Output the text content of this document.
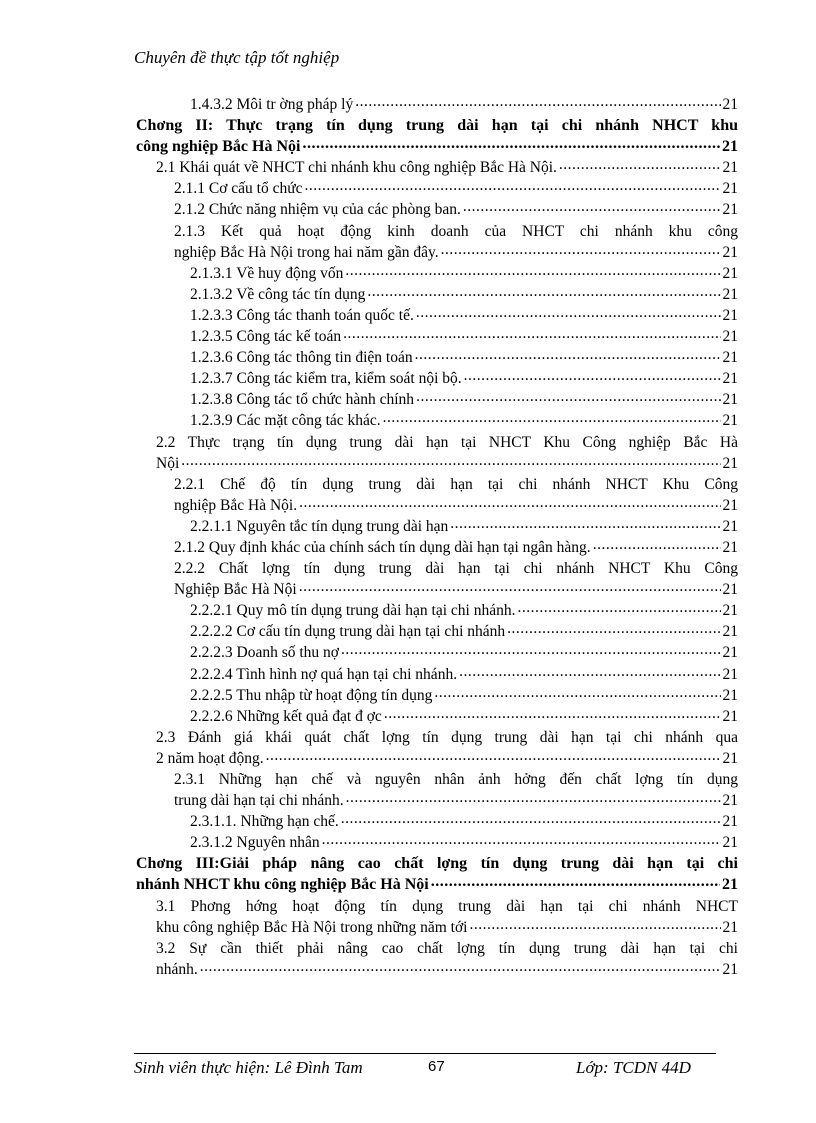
Chuyên đề thực tập tốt nghiệp
1.4.3.2 Môi tr ờng pháp lý .....	21
Chơng II: Thực trạng tín dụng trung dài hạn tại chi nhánh NHCT khu
công nghiệp Bắc Hà Nội .....	21
2.1 Khái quát về NHCT chi nhánh khu công nghiệp Bắc Hà Nội. .....	21
2.1.1 Cơ cấu tổ chức .....	21
2.1.2 Chức năng nhiệm vụ của các phòng ban. .....	21
2.1.3 Kết quả hoạt động kinh doanh của NHCT chi nhánh khu công
nghiệp Bắc Hà Nội trong hai năm gần đây. .....	21
2.1.3.1 Về huy động vốn .....	21
2.1.3.2 Về công tác tín dụng .....	21
1.2.3.3 Công tác thanh toán quốc tế. .....	21
1.2.3.5 Công tác kế toán .....	21
1.2.3.6 Công tác thông tin điện toán .....	21
1.2.3.7 Công tác kiểm tra, kiểm soát nội bộ. .....	21
1.2.3.8 Công tác tổ chức hành chính .....	21
1.2.3.9 Các mặt công tác khác. .....	21
2.2 Thực trạng tín dụng trung dài hạn tại NHCT Khu Công nghiệp Bắc Hà
Nội .....	21
2.2.1 Chế độ tín dụng trung dài hạn tại chi nhánh NHCT Khu Công
nghiệp Bắc Hà Nội. .....	21
2.2.1.1 Nguyên tắc tín dụng trung dài hạn .....	21
2.1.2 Quy định khác của chính sách tín dụng dài hạn tại ngân hàng. .....	21
2.2.2 Chất lợng tín dụng trung dài hạn tại chi nhánh NHCT Khu Công
Nghiệp Bắc Hà Nội .....	21
2.2.2.1 Quy mô tín dụng trung dài hạn tại chi nhánh. .....	21
2.2.2.2 Cơ cấu tín dụng trung dài hạn tại chi nhánh .....	21
2.2.2.3 Doanh số thu nợ .....	21
2.2.2.4 Tình hình nợ quá hạn tại chi nhánh. .....	21
2.2.2.5 Thu nhập từ hoạt động tín dụng .....	21
2.2.2.6 Những kết quả đạt đ ợc .....	21
2.3 Đánh giá khái quát chất lợng tín dụng trung dài hạn tại chi nhánh qua
2 năm hoạt động. .....	21
2.3.1 Những hạn chế và nguyên nhân ảnh hởng đến chất lợng tín dụng
trung dài hạn tại chi nhánh. .....	21
2.3.1.1. Những hạn chế. .....	21
2.3.1.2 Nguyên nhân .....	21
Chơng III:Giải pháp nâng cao chất lợng tín dụng trung dài hạn tại chi
nhánh NHCT khu công nghiệp Bắc Hà Nội .....	21
3.1 Phơng hớng hoạt động tín dụng trung dài hạn tại chi nhánh NHCT
khu công nghiệp Bắc Hà Nội trong những năm tới .....	21
3.2 Sự cần thiết phải nâng cao chất lợng tín dụng trung dài hạn tại chi
nhánh. .....	21
Sinh viên thực hiện: Lê Đình Tam	67	Lớp: TCDN 44D
